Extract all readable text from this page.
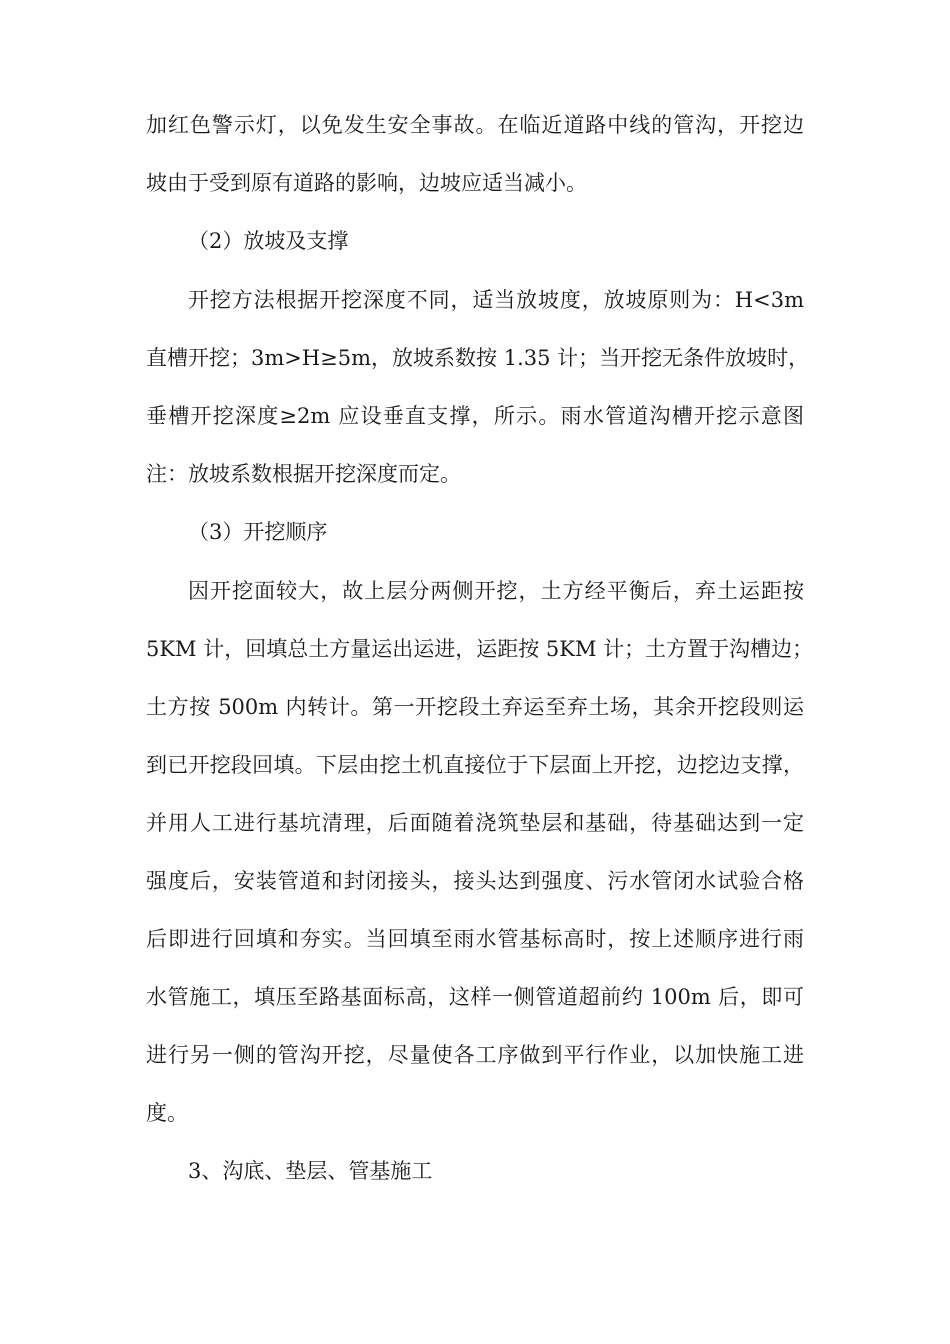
加红色警示灯，以免发生安全事故。在临近道路中线的管沟，开挖边
坡由于受到原有道路的影响，边坡应适当减小。
（2）放坡及支撑
开挖方法根据开挖深度不同，适当放坡度，放坡原则为：H<3m
直槽开挖；3m>H≥5m，放坡系数按 1.35 计；当开挖无条件放坡时，
垂槽开挖深度≥2m 应设垂直支撑，所示。雨水管道沟槽开挖示意图
注：放坡系数根据开挖深度而定。
（3）开挖顺序
因开挖面较大，故上层分两侧开挖，土方经平衡后，弃土运距按
5KM 计，回填总土方量运出运进，运距按 5KM 计；土方置于沟槽边；
土方按 500m 内转计。第一开挖段土弃运至弃土场，其余开挖段则运
到已开挖段回填。下层由挖土机直接位于下层面上开挖，边挖边支撑，
并用人工进行基坑清理，后面随着浇筑垫层和基础，待基础达到一定
强度后，安装管道和封闭接头，接头达到强度、污水管闭水试验合格
后即进行回填和夯实。当回填至雨水管基标高时，按上述顺序进行雨
水管施工，填压至路基面标高，这样一侧管道超前约 100m 后，即可
进行另一侧的管沟开挖，尽量使各工序做到平行作业，以加快施工进
度。
3、沟底、垫层、管基施工
